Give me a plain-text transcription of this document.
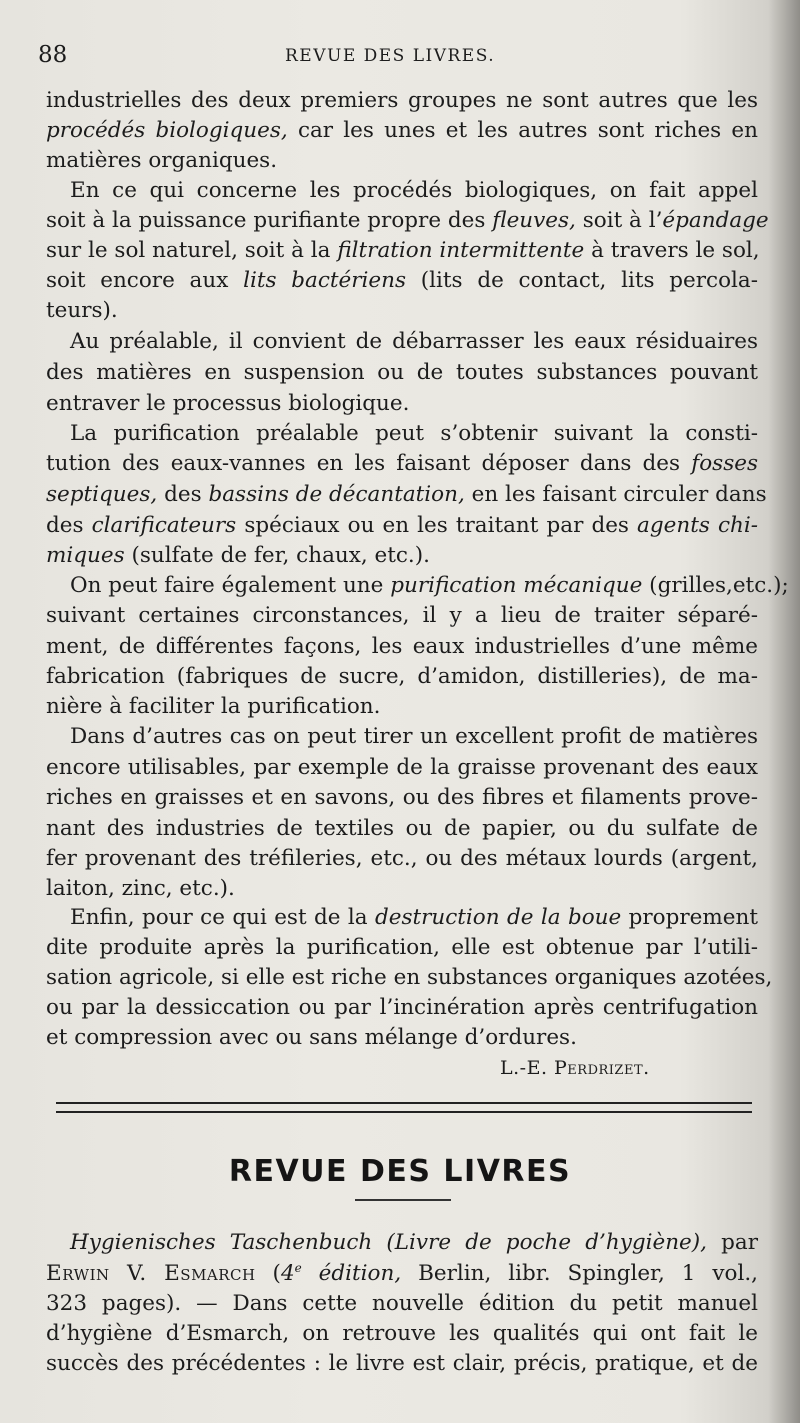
88	REVUE DES LIVRES.
industrielles des deux premiers groupes ne sont autres que les
procédés biologiques, car les unes et les autres sont riches en
matières organiques.
En ce qui concerne les procédés biologiques, on fait appel
soit à la puissance purifiante propre des fleuves, soit à l’épandage
sur le sol naturel, soit à la filtration intermittente à travers le sol,
soit encore aux lits bactériens (lits de contact, lits percola-
teurs).
Au préalable, il convient de débarrasser les eaux résiduaires
des matières en suspension ou de toutes substances pouvant
entraver le processus biologique.
La purification préalable peut s’obtenir suivant la consti-
tution des eaux-vannes en les faisant déposer dans des fosses
septiques, des bassins de décantation, en les faisant circuler dans
des clarificateurs spéciaux ou en les traitant par des agents chi-
miques (sulfate de fer, chaux, etc.).
On peut faire également une purification mécanique (grilles,etc.);
suivant certaines circonstances, il y a lieu de traiter séparé-
ment, de différentes façons, les eaux industrielles d’une même
fabrication (fabriques de sucre, d’amidon, distilleries), de ma-
nière à faciliter la purification.
Dans d’autres cas on peut tirer un excellent profit de matières
encore utilisables, par exemple de la graisse provenant des eaux
riches en graisses et en savons, ou des fibres et filaments prove-
nant des industries de textiles ou de papier, ou du sulfate de
fer provenant des tréfileries, etc., ou des métaux lourds (argent,
laiton, zinc, etc.).
Enfin, pour ce qui est de la destruction de la boue proprement
dite produite après la purification, elle est obtenue par l’utili-
sation agricole, si elle est riche en substances organiques azotées,
ou par la dessiccation ou par l’incinération après centrifugation
et compression avec ou sans mélange d’ordures.
L.-E. Perdrizet.
REVUE DES LIVRES
Hygienisches Taschenbuch (Livre de poche d’hygiène), par
Erwin V. Esmarch (4e édition, Berlin, libr. Spingler, 1 vol.,
323 pages). — Dans cette nouvelle édition du petit manuel
d’hygiène d’Esmarch, on retrouve les qualités qui ont fait le
succès des précédentes : le livre est clair, précis, pratique, et de
